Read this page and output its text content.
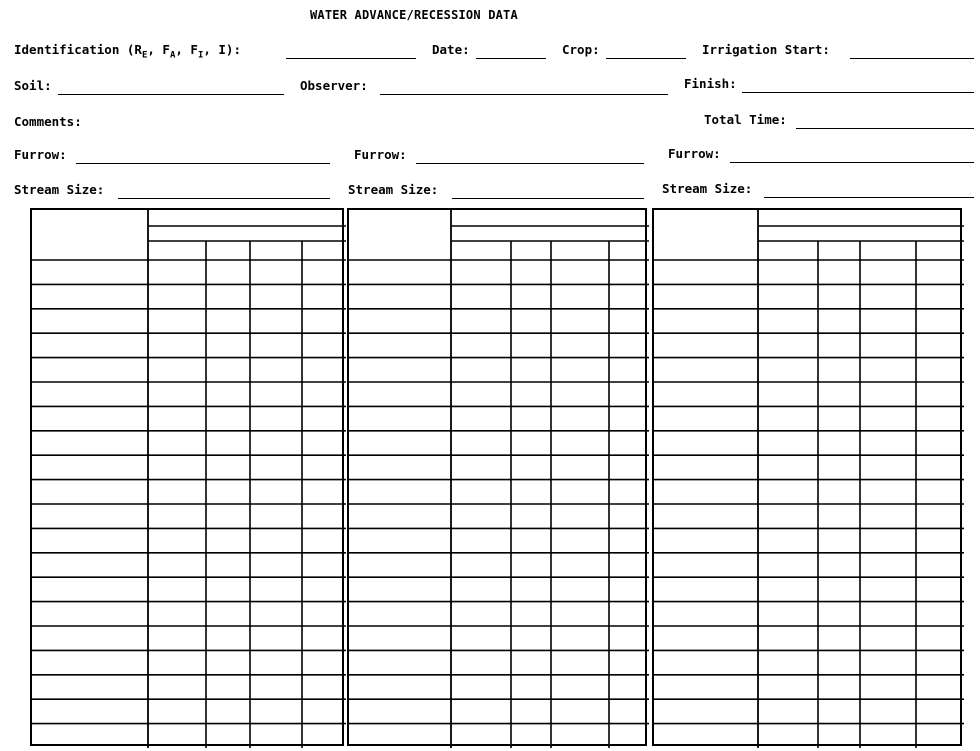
WATER ADVANCE/RECESSION DATA
Identification ($R_E$, $F_A$, $F_I$, I):	Date:	Crop:	Irrigation Start:
Soil:	Observer:	Finish:
Comments:	Total Time:
Furrow:	Furrow:	Furrow:
Stream Size:	Stream Size:	Stream Size:
